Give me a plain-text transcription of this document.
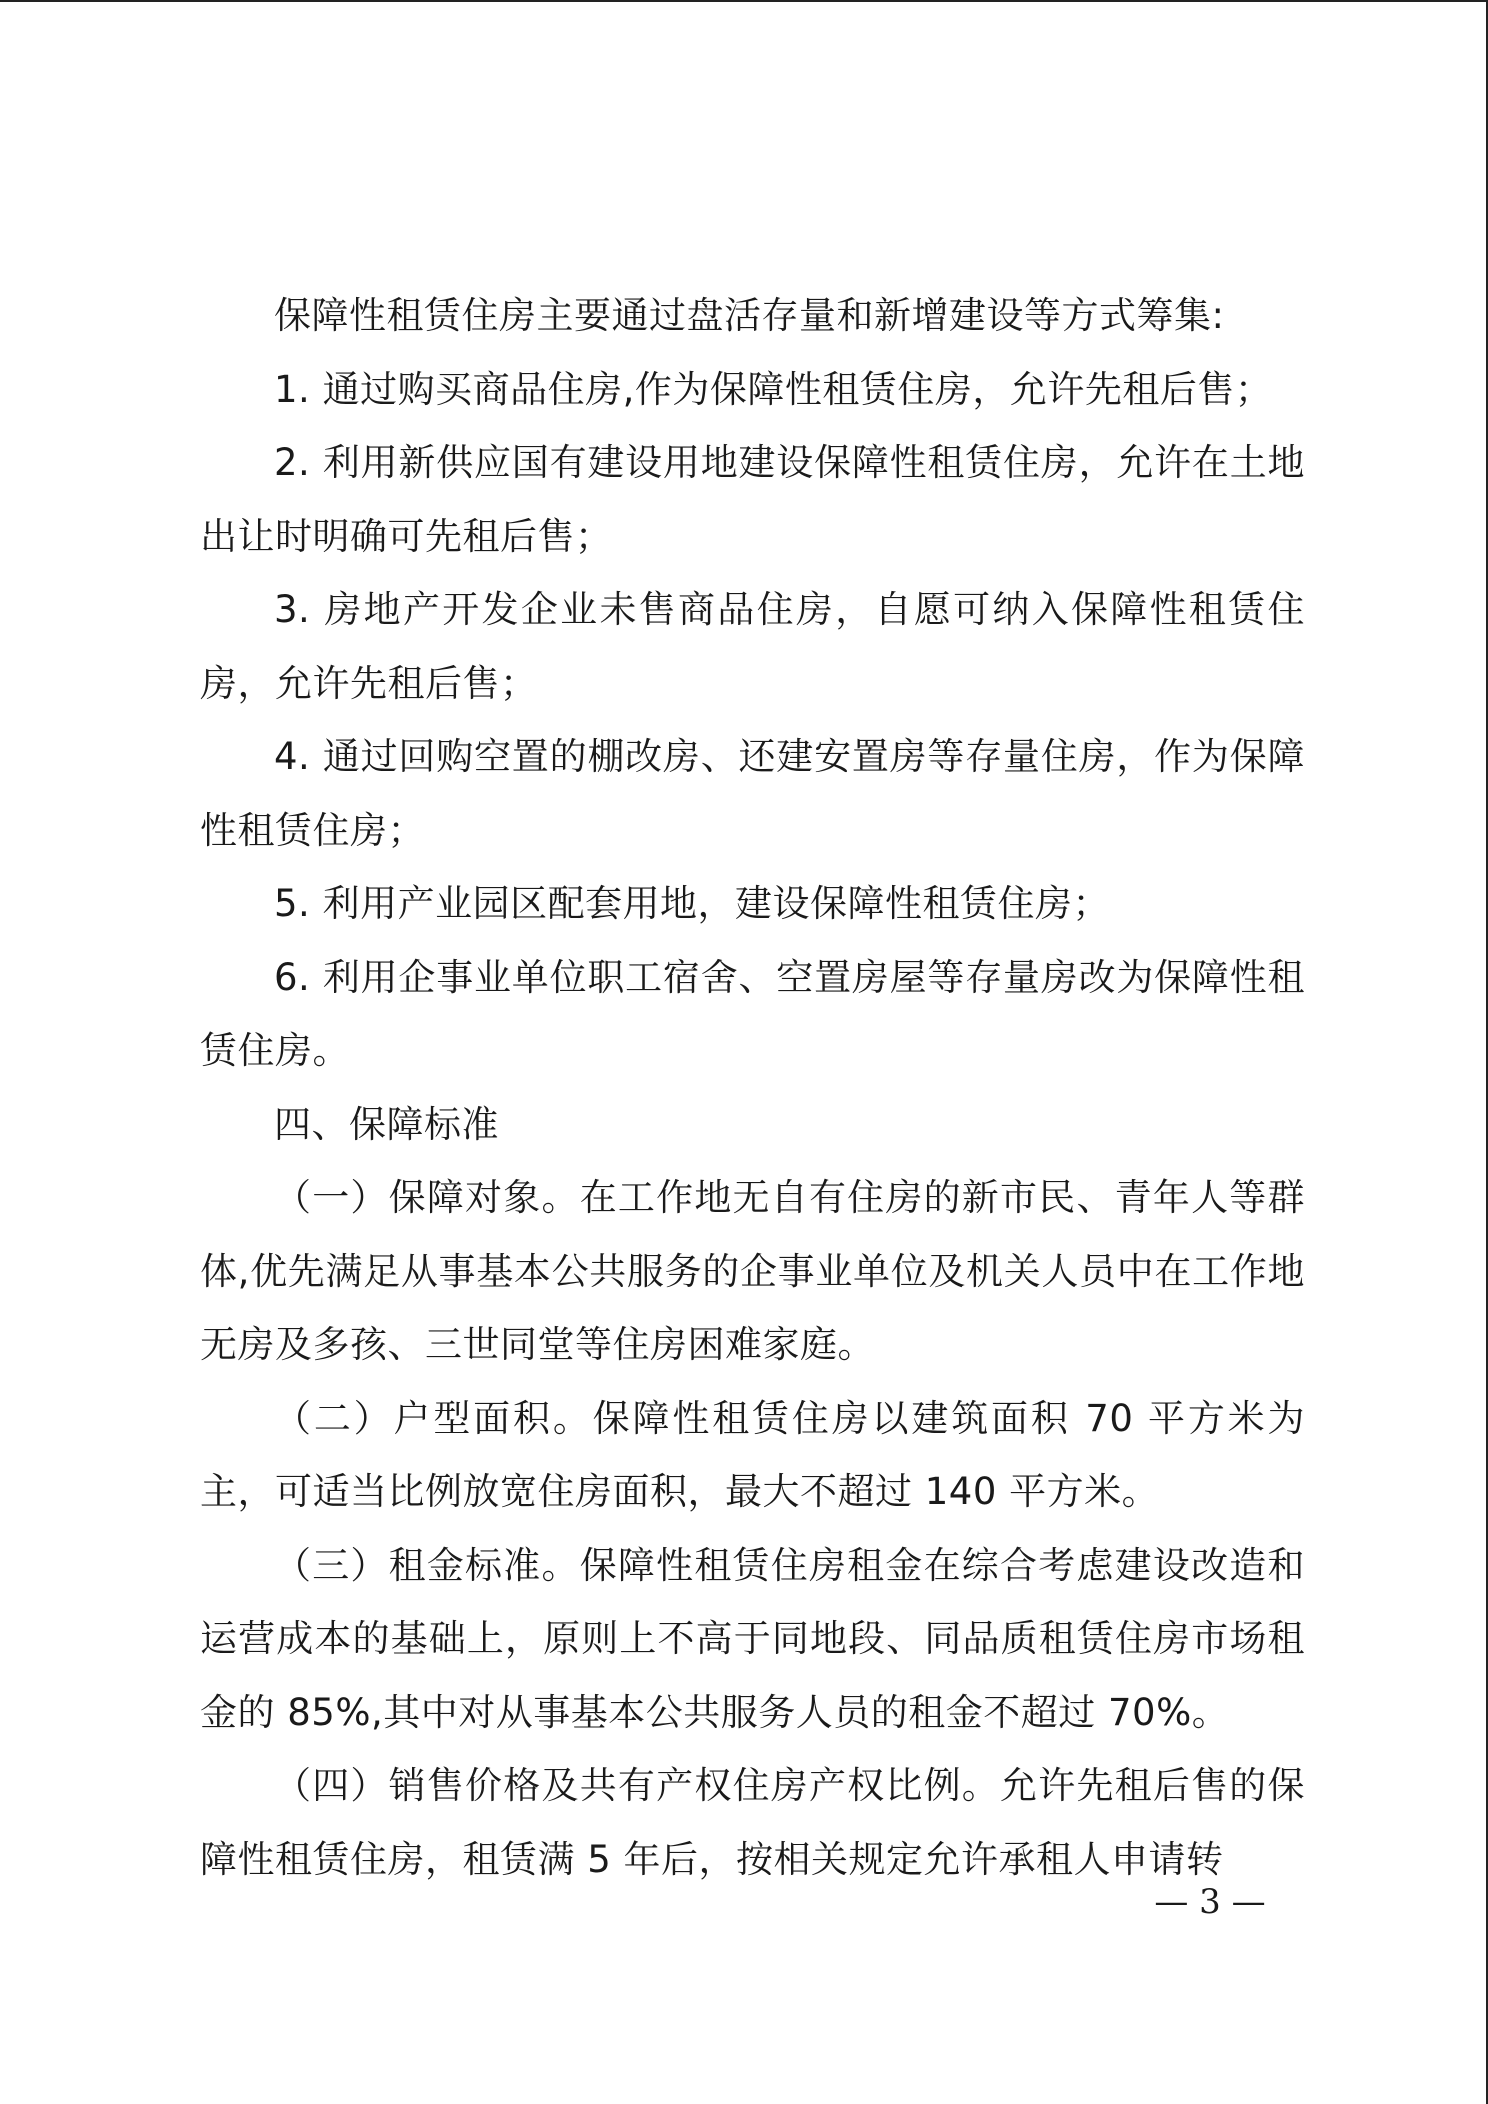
保障性租赁住房主要通过盘活存量和新增建设等方式筹集:

1. 通过购买商品住房,作为保障性租赁住房，允许先租后售；

2. 利用新供应国有建设用地建设保障性租赁住房，允许在土地出让时明确可先租后售；

3. 房地产开发企业未售商品住房，自愿可纳入保障性租赁住房，允许先租后售；

4. 通过回购空置的棚改房、还建安置房等存量住房，作为保障性租赁住房；

5. 利用产业园区配套用地，建设保障性租赁住房；

6. 利用企事业单位职工宿舍、空置房屋等存量房改为保障性租赁住房。

四、保障标准

（一）保障对象。在工作地无自有住房的新市民、青年人等群体,优先满足从事基本公共服务的企事业单位及机关人员中在工作地无房及多孩、三世同堂等住房困难家庭。

（二）户型面积。保障性租赁住房以建筑面积 70 平方米为主，可适当比例放宽住房面积，最大不超过 140 平方米。

（三）租金标准。保障性租赁住房租金在综合考虑建设改造和运营成本的基础上，原则上不高于同地段、同品质租赁住房市场租金的 85%,其中对从事基本公共服务人员的租金不超过 70%。

（四）销售价格及共有产权住房产权比例。允许先租后售的保障性租赁住房，租赁满 5 年后，按相关规定允许承租人申请转

— 3 —
